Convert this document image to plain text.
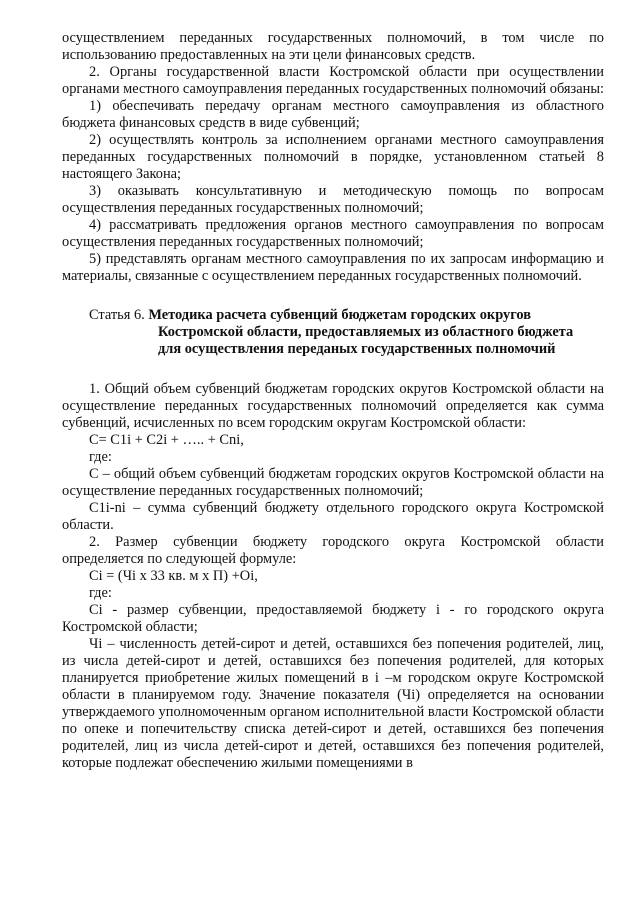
осуществлением переданных государственных полномочий, в том числе по использованию предоставленных на эти цели финансовых средств.

2. Органы государственной власти Костромской области при осуществлении органами местного самоуправления переданных государственных полномочий обязаны:

1) обеспечивать передачу органам местного самоуправления из областного бюджета финансовых средств в виде субвенций;

2) осуществлять контроль за исполнением органами местного самоуправления переданных государственных полномочий в порядке, установленном статьей 8 настоящего Закона;

3) оказывать консультативную и методическую помощь по вопросам осуществления переданных государственных полномочий;

4) рассматривать предложения органов местного самоуправления по вопросам осуществления переданных государственных полномочий;

5) представлять органам местного самоуправления по их запросам информацию и материалы, связанные с осуществлением переданных государственных полномочий.

Статья 6. Методика расчета субвенций бюджетам городских округов
Костромской области, предоставляемых из областного бюджета
для осуществления переданых государственных полномочий

1. Общий объем субвенций бюджетам городских округов Костромской области на осуществление переданных государственных полномочий определяется как сумма субвенций, исчисленных по всем городским округам Костромской области:

С= С1i + С2i + ….. + Сni,

где:

С – общий объем субвенций бюджетам городских округов Костромской области на осуществление переданных государственных полномочий;

С1i-ni – сумма субвенций бюджету отдельного городского округа Костромской области.

2. Размер субвенции бюджету городского округа Костромской области определяется по следующей формуле:

Сi = (Чi х 33 кв. м х П) +Оi,

где:

Сi - размер субвенции, предоставляемой бюджету i - го городского округа Костромской области;

Чi – численность детей-сирот и детей, оставшихся без попечения родителей, лиц, из числа детей-сирот и детей, оставшихся без попечения родителей, для которых планируется приобретение жилых помещений в i –м городском округе Костромской области в планируемом году. Значение показателя (Чi) определяется на основании утверждаемого уполномоченным органом исполнительной власти Костромской области по опеке и попечительству списка детей-сирот и детей, оставшихся без попечения родителей, лиц из числа детей-сирот и детей, оставшихся без попечения родителей, которые подлежат обеспечению жилыми помещениями в
